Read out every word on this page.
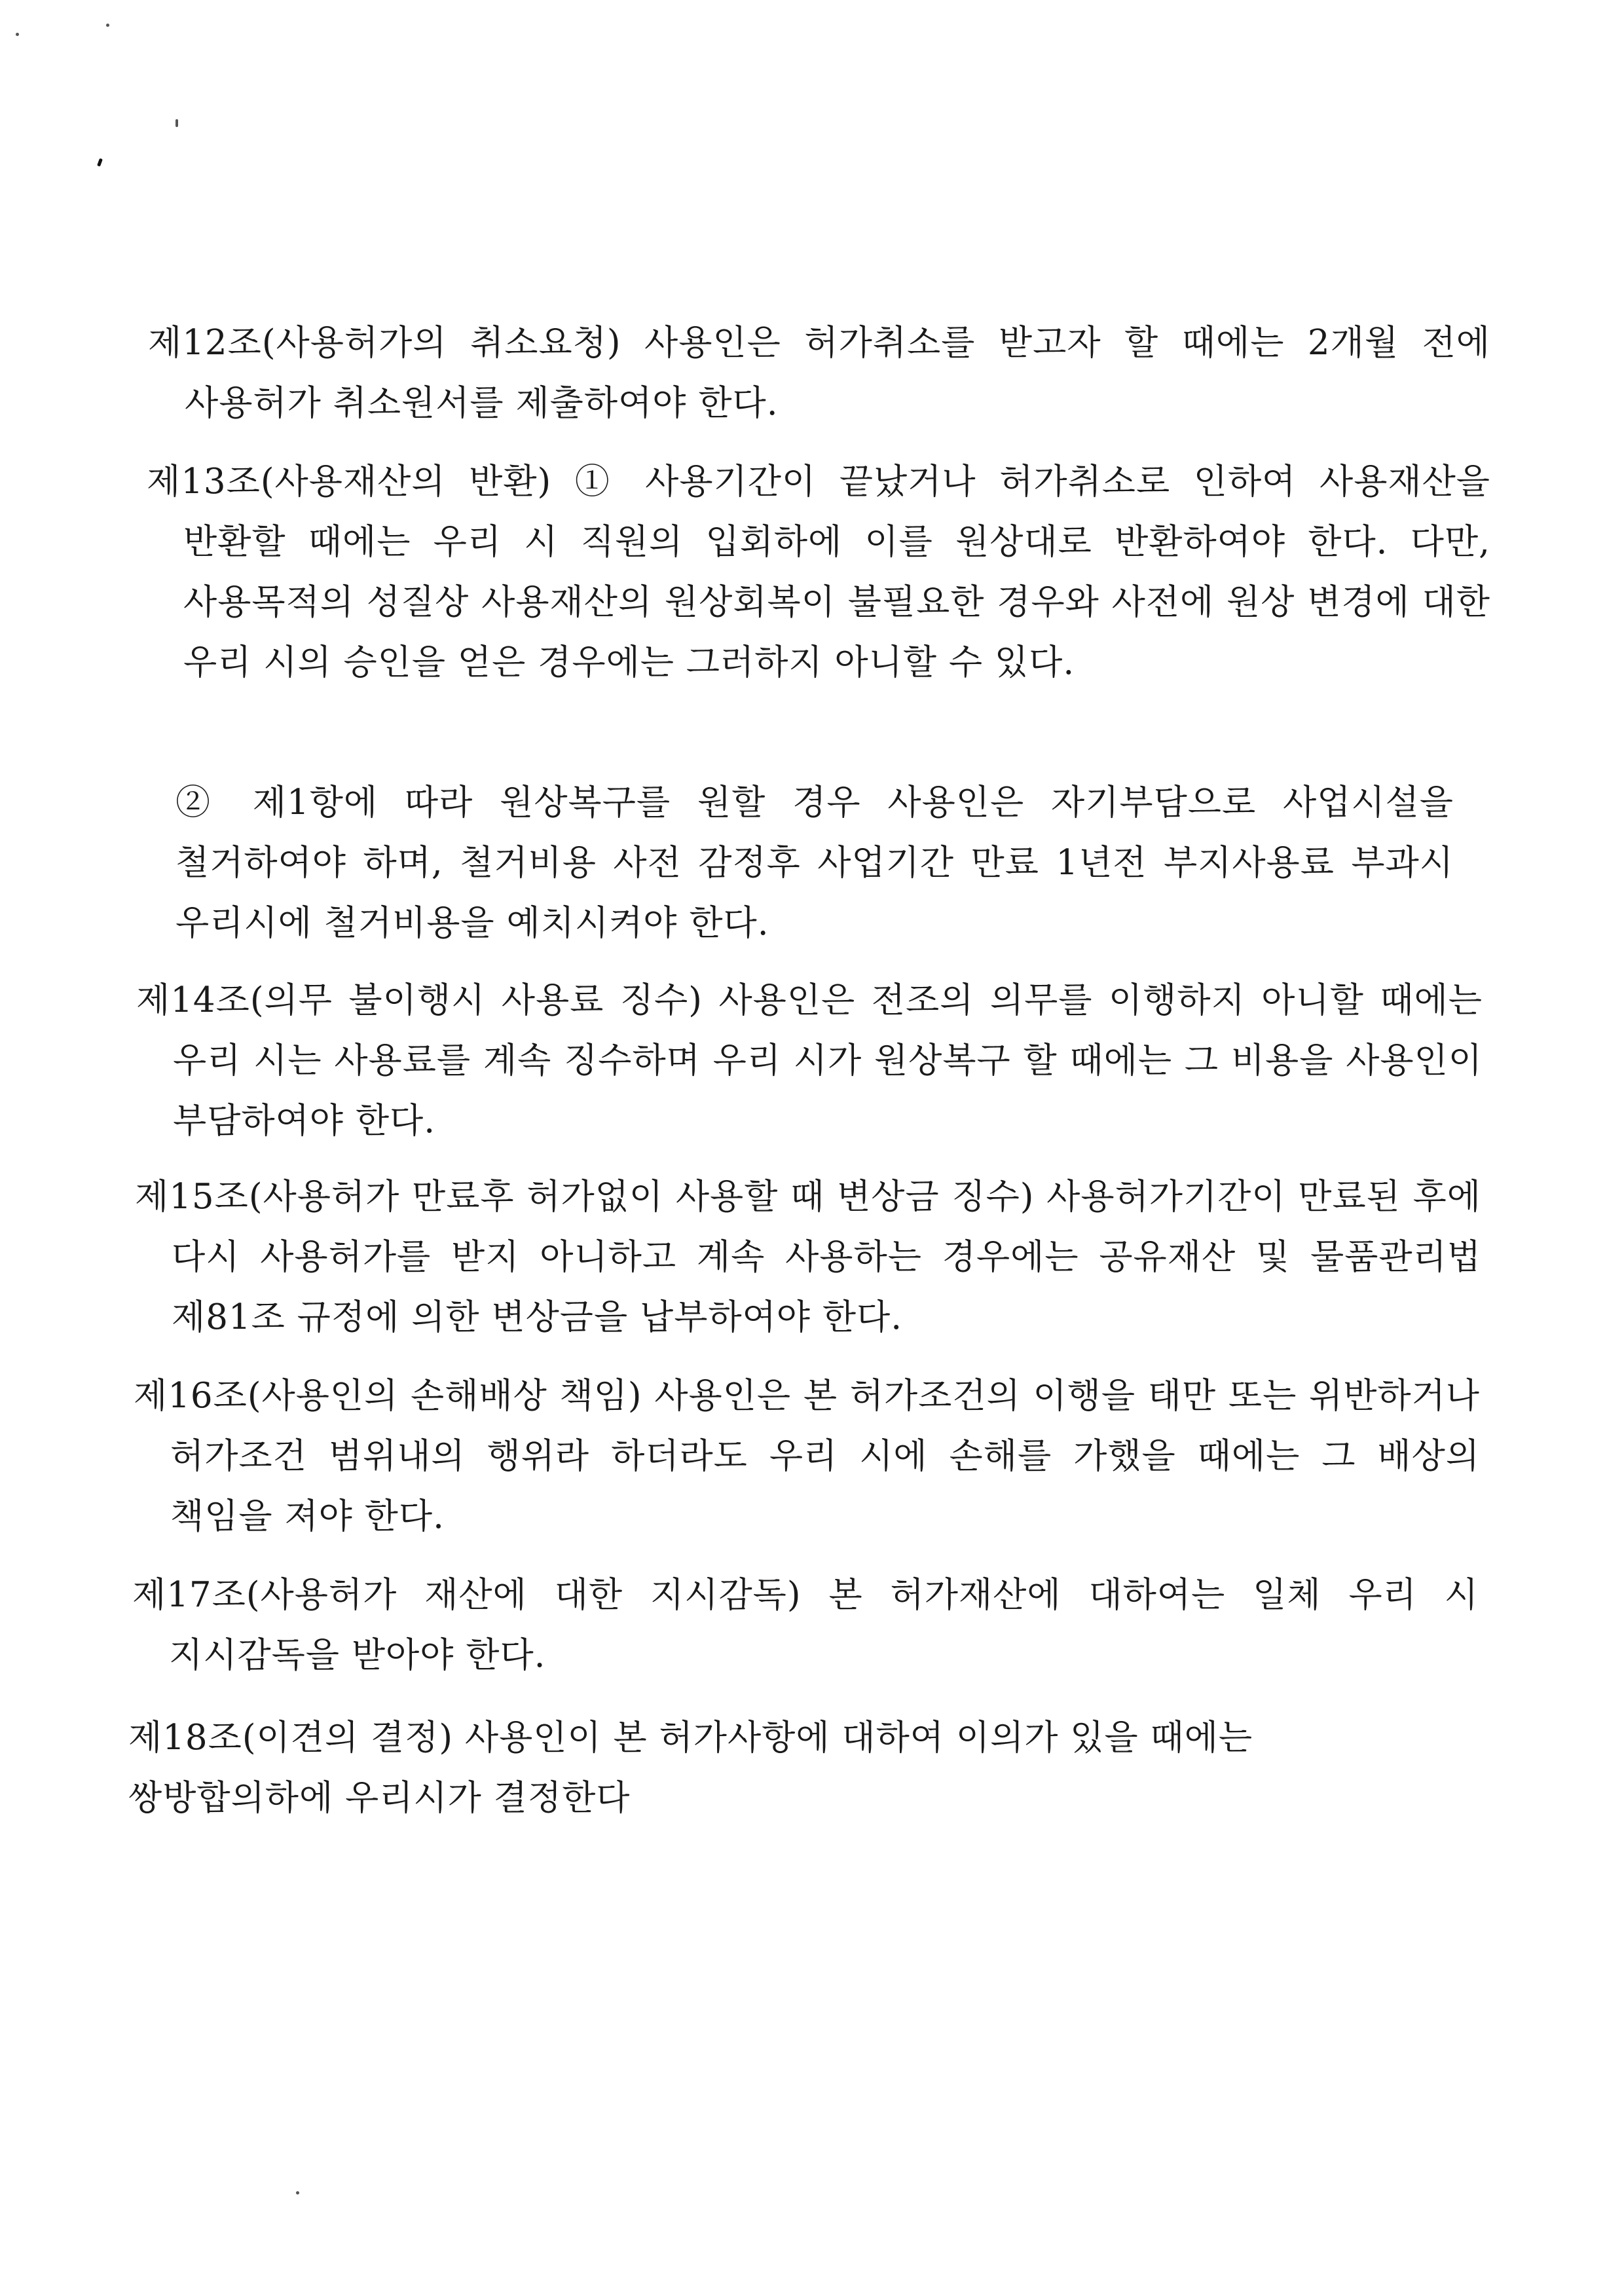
제12조(사용허가의 취소요청) 사용인은 허가취소를 받고자 할 때에는 2개월 전에 사용허가 취소원서를 제출하여야 한다.

제13조(사용재산의 반환) ① 사용기간이 끝났거나 허가취소로 인하여 사용재산을 반환할 때에는 우리 시 직원의 입회하에 이를 원상대로 반환하여야 한다. 다만, 사용목적의 성질상 사용재산의 원상회복이 불필요한 경우와 사전에 원상 변경에 대한 우리 시의 승인을 얻은 경우에는 그러하지 아니할 수 있다.

② 제1항에 따라 원상복구를 원할 경우 사용인은 자기부담으로 사업시설을 철거하여야 하며, 철거비용 사전 감정후 사업기간 만료 1년전 부지사용료 부과시 우리시에 철거비용을 예치시켜야 한다.

제14조(의무 불이행시 사용료 징수) 사용인은 전조의 의무를 이행하지 아니할 때에는 우리 시는 사용료를 계속 징수하며 우리 시가 원상복구 할 때에는 그 비용을 사용인이 부담하여야 한다.

제15조(사용허가 만료후 허가없이 사용할 때 변상금 징수) 사용허가기간이 만료된 후에 다시 사용허가를 받지 아니하고 계속 사용하는 경우에는 공유재산 및 물품관리법 제81조 규정에 의한 변상금을 납부하여야 한다.

제16조(사용인의 손해배상 책임) 사용인은 본 허가조건의 이행을 태만 또는 위반하거나 허가조건 범위내의 행위라 하더라도 우리 시에 손해를 가했을 때에는 그 배상의 책임을 져야 한다.

제17조(사용허가 재산에 대한 지시감독) 본 허가재산에 대하여는 일체 우리 시 지시감독을 받아야 한다.

제18조(이견의 결정) 사용인이 본 허가사항에 대하여 이의가 있을 때에는

쌍방합의하에 우리시가 결정한다
